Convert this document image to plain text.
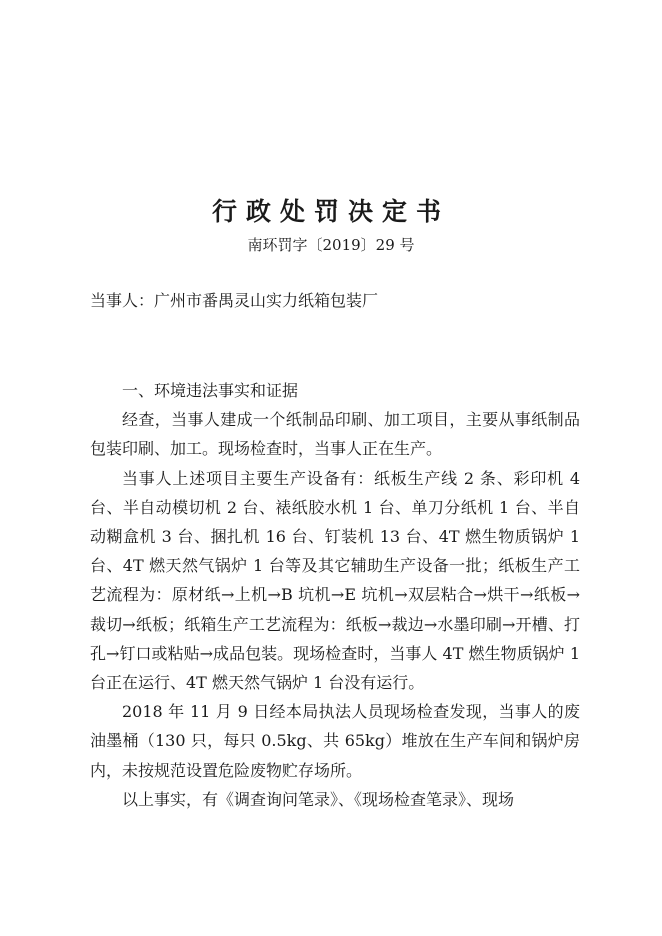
行政处罚决定书
南环罚字〔2019〕29 号
当事人：广州市番禺灵山实力纸箱包装厂

一、环境违法事实和证据

经查，当事人建成一个纸制品印刷、加工项目，主要从事纸制品包装印刷、加工。现场检查时，当事人正在生产。

当事人上述项目主要生产设备有：纸板生产线 2 条、彩印机 4 台、半自动模切机 2 台、裱纸胶水机 1 台、单刀分纸机 1 台、半自动糊盒机 3 台、捆扎机 16 台、钉装机 13 台、4T 燃生物质锅炉 1 台、4T 燃天然气锅炉 1 台等及其它辅助生产设备一批；纸板生产工艺流程为：原材纸→上机→B 坑机→E 坑机→双层粘合→烘干→纸板→裁切→纸板；纸箱生产工艺流程为：纸板→裁边→水墨印刷→开槽、打孔→钉口或粘贴→成品包装。现场检查时，当事人 4T 燃生物质锅炉 1 台正在运行、4T 燃天然气锅炉 1 台没有运行。

2018 年 11 月 9 日经本局执法人员现场检查发现，当事人的废油墨桶（130 只，每只 0.5kg、共 65kg）堆放在生产车间和锅炉房内，未按规范设置危险废物贮存场所。

以上事实，有《调查询问笔录》、《现场检查笔录》、现场
